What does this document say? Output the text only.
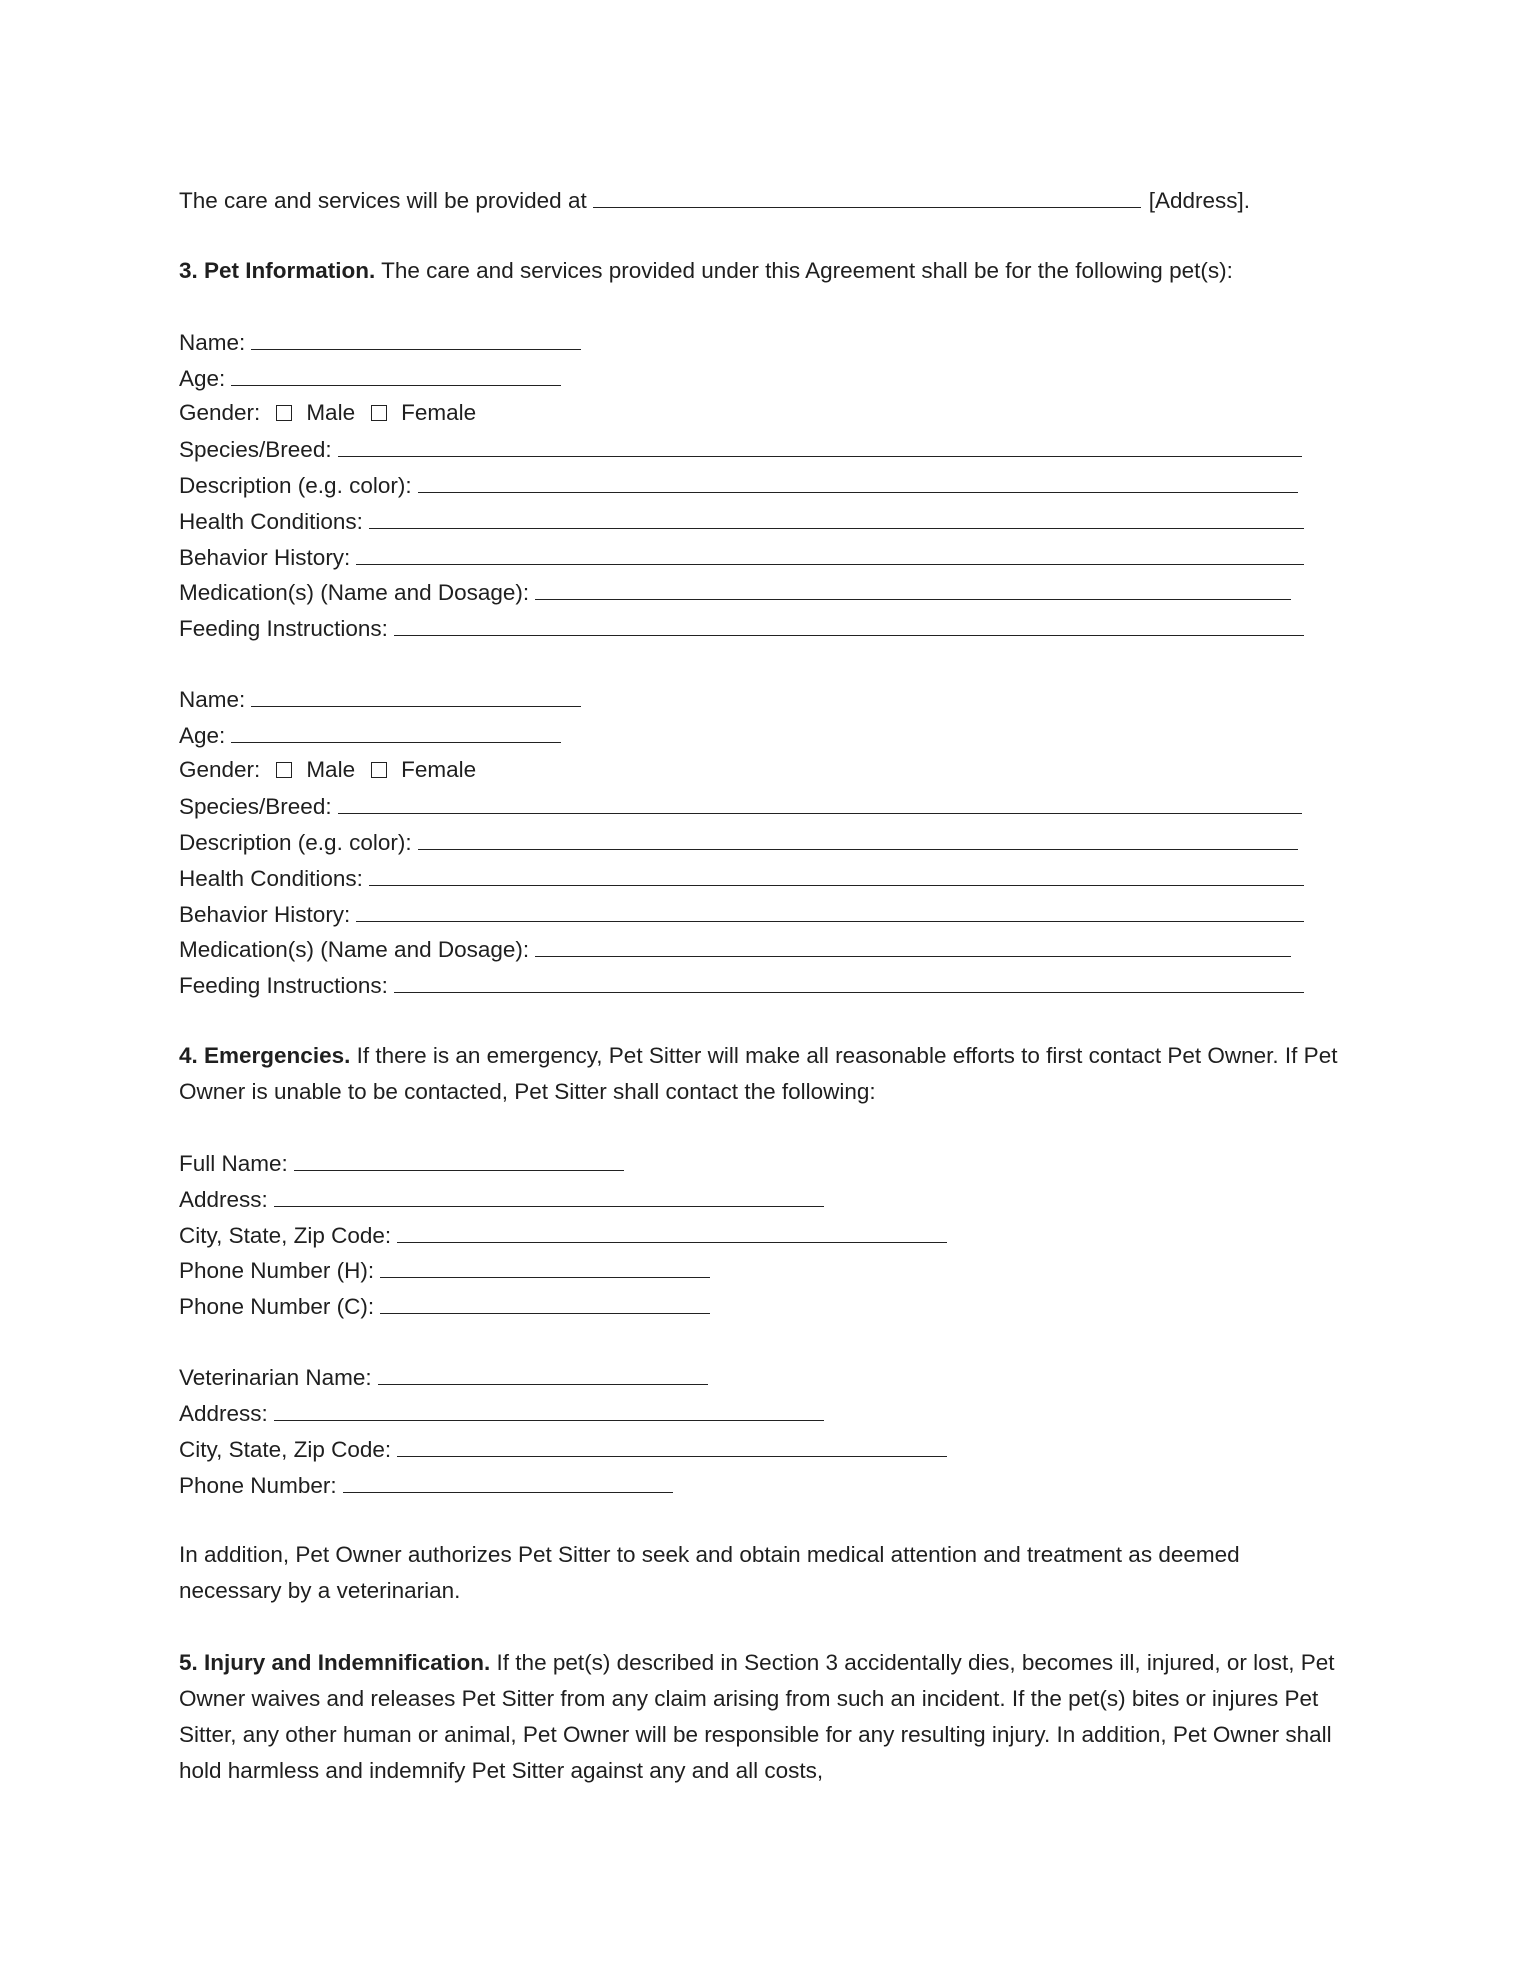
The care and services will be provided at	[Address].
3. Pet Information. The care and services provided under this Agreement shall be for the following pet(s):
Name:
Age:
Gender: Male Female
Species/Breed:
Description (e.g. color):
Health Conditions:
Behavior History:
Medication(s) (Name and Dosage):
Feeding Instructions:
Name:
Age:
Gender: Male Female
Species/Breed:
Description (e.g. color):
Health Conditions:
Behavior History:
Medication(s) (Name and Dosage):
Feeding Instructions:
4. Emergencies. If there is an emergency, Pet Sitter will make all reasonable efforts to first contact Pet Owner. If Pet Owner is unable to be contacted, Pet Sitter shall contact the following:
Full Name:
Address:
City, State, Zip Code:
Phone Number (H):
Phone Number (C):
Veterinarian Name:
Address:
City, State, Zip Code:
Phone Number:
In addition, Pet Owner authorizes Pet Sitter to seek and obtain medical attention and treatment as deemed necessary by a veterinarian.
5. Injury and Indemnification. If the pet(s) described in Section 3 accidentally dies, becomes ill, injured, or lost, Pet Owner waives and releases Pet Sitter from any claim arising from such an incident. If the pet(s) bites or injures Pet Sitter, any other human or animal, Pet Owner will be responsible for any resulting injury. In addition, Pet Owner shall hold harmless and indemnify Pet Sitter against any and all costs,
